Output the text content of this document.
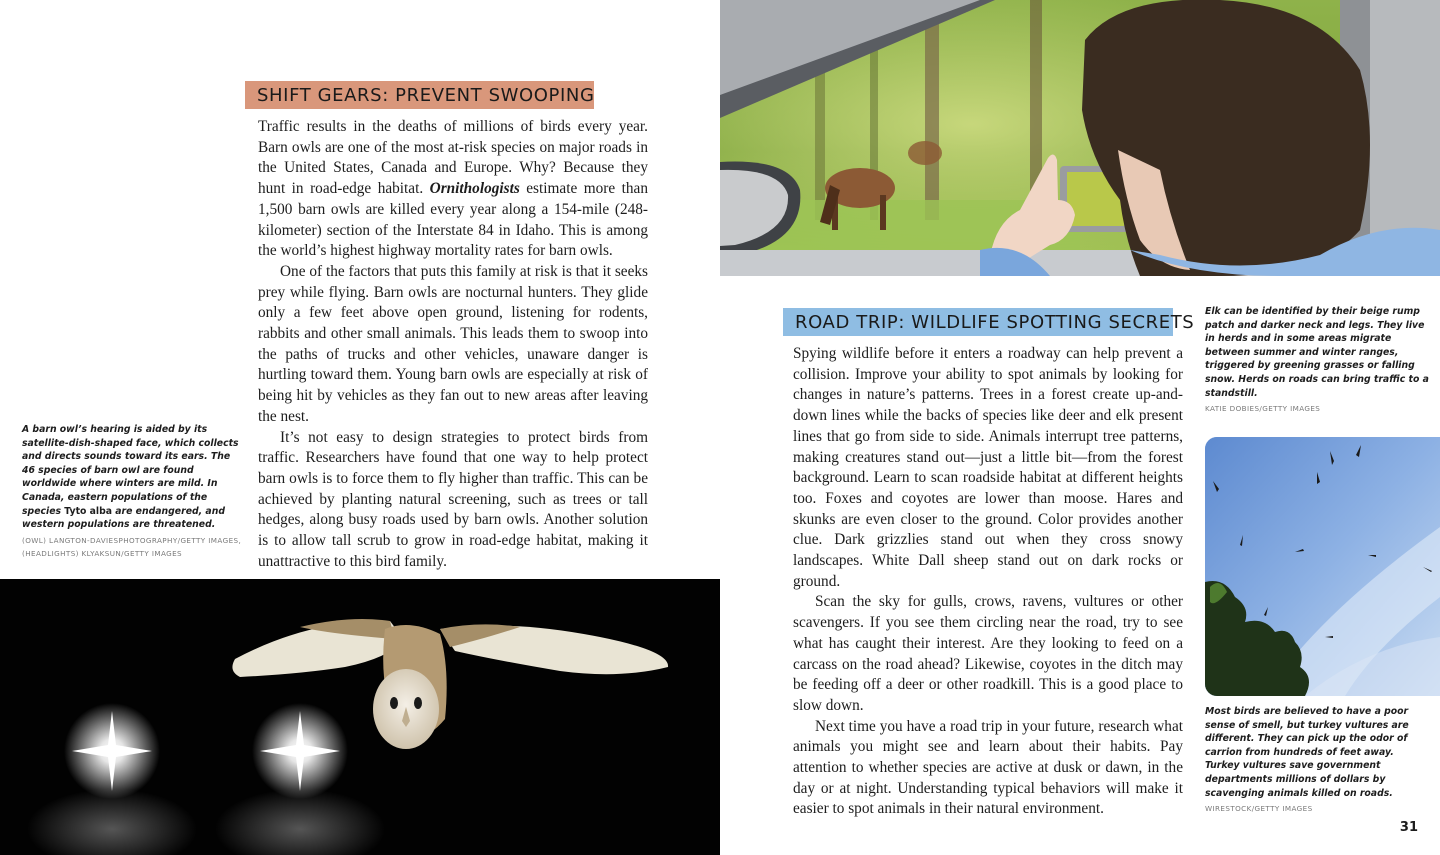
SHIFT GEARS: PREVENT SWOOPING

Traffic results in the deaths of millions of birds every year. Barn owls are one of the most at-risk species on major roads in the United States, Canada and Europe. Why? Because they hunt in road-edge habitat. Ornithologists estimate more than 1,500 barn owls are killed every year along a 154-mile (248-kilometer) section of the Interstate 84 in Idaho. This is among the world’s highest highway mortality rates for barn owls.

One of the factors that puts this family at risk is that it seeks prey while flying. Barn owls are nocturnal hunters. They glide only a few feet above open ground, listening for rodents, rabbits and other small animals. This leads them to swoop into the paths of trucks and other vehicles, unaware danger is hurtling toward them. Young barn owls are especially at risk of being hit by vehicles as they fan out to new areas after leaving the nest.

It’s not easy to design strategies to protect birds from traffic. Researchers have found that one way to help protect barn owls is to force them to fly higher than traffic. This can be achieved by planting natural screening, such as trees or tall hedges, along busy roads used by barn owls. Another solution is to allow tall scrub to grow in road-edge habitat, making it unattractive to this bird family.

A barn owl’s hearing is aided by its satellite-dish-shaped face, which collects and directs sounds toward its ears. The 46 species of barn owl are found worldwide where winters are mild. In Canada, eastern populations of the species Tyto alba are endangered, and western populations are threatened.
(OWL) LANGTON-DAVIESPHOTOGRAPHY/GETTY IMAGES,
(HEADLIGHTS) KLYAKSUN/GETTY IMAGES
ROAD TRIP: WILDLIFE SPOTTING SECRETS

Spying wildlife before it enters a roadway can help prevent a collision. Improve your ability to spot animals by looking for changes in nature’s patterns. Trees in a forest create up-and-down lines while the backs of species like deer and elk present lines that go from side to side. Animals interrupt tree patterns, making creatures stand out—just a little bit—from the forest background. Learn to scan roadside habitat at different heights too. Foxes and coyotes are lower than moose. Hares and skunks are even closer to the ground. Color provides another clue. Dark grizzlies stand out when they cross snowy landscapes. White Dall sheep stand out on dark rocks or ground.

Scan the sky for gulls, crows, ravens, vultures or other scavengers. If you see them circling near the road, try to see what has caught their interest. Are they looking to feed on a carcass on the road ahead? Likewise, coyotes in the ditch may be feeding off a deer or other roadkill. This is a good place to slow down.

Next time you have a road trip in your future, research what animals you might see and learn about their habits. Pay attention to whether species are active at dusk or dawn, in the day or at night. Understanding typical behaviors will make it easier to spot animals in their natural environment.

Elk can be identified by their beige rump patch and darker neck and legs. They live in herds and in some areas migrate between summer and winter ranges, triggered by greening grasses or falling snow. Herds on roads can bring traffic to a standstill.
KATIE DOBIES/GETTY IMAGES
Most birds are believed to have a poor sense of smell, but turkey vultures are different. They can pick up the odor of carrion from hundreds of feet away. Turkey vultures save government departments millions of dollars by scavenging animals killed on roads.
WIRESTOCK/GETTY IMAGES
31
